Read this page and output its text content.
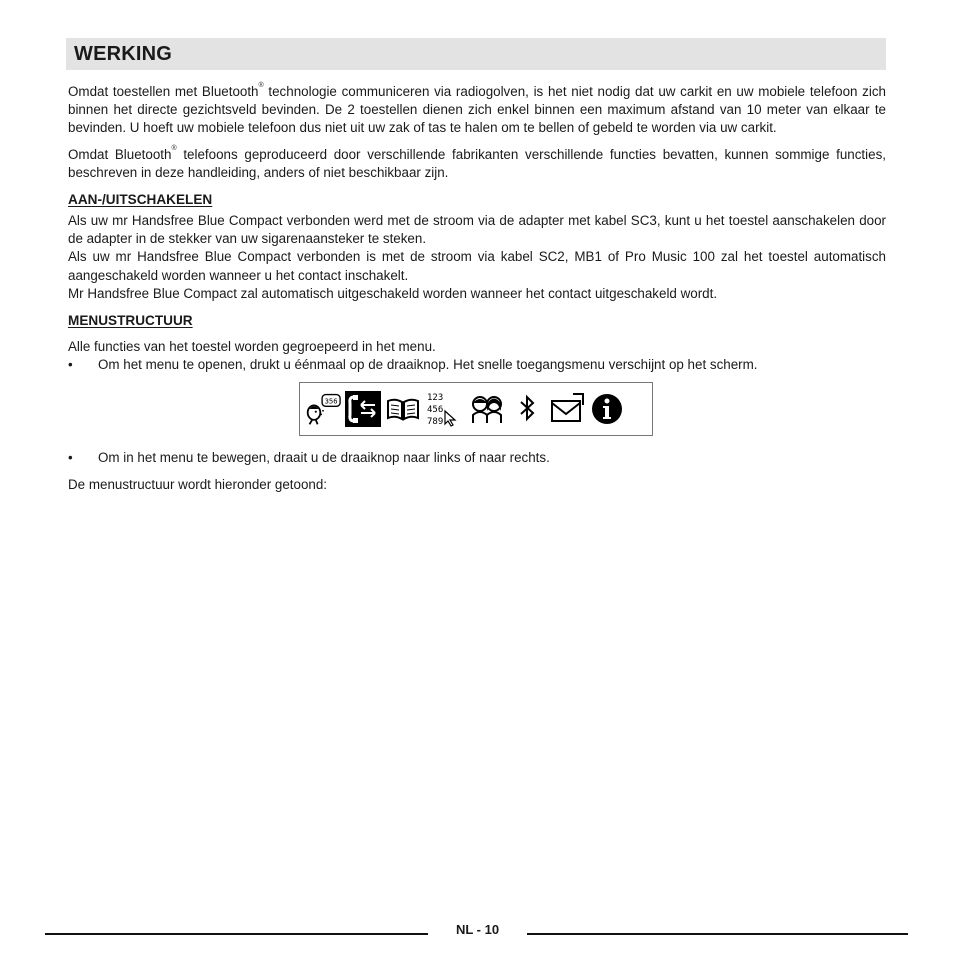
WERKING

Omdat toestellen met Bluetooth® technologie communiceren via radiogolven, is het niet nodig dat uw carkit en uw mobiele telefoon zich binnen het directe gezichtsveld bevinden. De 2 toestellen dienen zich enkel binnen een maximum afstand van 10 meter van elkaar te bevinden. U hoeft uw mobiele telefoon dus niet uit uw zak of tas te halen om te bellen of gebeld te worden via uw carkit.

Omdat Bluetooth® telefoons geproduceerd door verschillende fabrikanten verschillende functies bevatten, kunnen sommige functies, beschreven in deze handleiding, anders of niet beschikbaar zijn.

AAN-/UITSCHAKELEN

Als uw mr Handsfree Blue Compact verbonden werd met de stroom via de adapter met kabel SC3, kunt u het toestel aanschakelen door de adapter in de stekker van uw sigarenaansteker te steken.

Als uw mr Handsfree Blue Compact verbonden is met de stroom via kabel SC2, MB1 of Pro Music 100 zal het toestel automatisch aangeschakeld worden wanneer u het contact inschakelt.

Mr Handsfree Blue Compact zal automatisch uitgeschakeld worden wanneer het contact uitgeschakeld wordt.

MENUSTRUCTUUR

Alle functies van het toestel worden gegroepeerd in het menu.

•	Om het menu te openen, drukt u éénmaal op de draaiknop. Het snelle toegangsmenu verschijnt op het scherm.
356	123
456
789
•	Om in het menu te bewegen, draait u de draaiknop naar links of naar rechts.

De menustructuur wordt hieronder getoond:

NL - 10
